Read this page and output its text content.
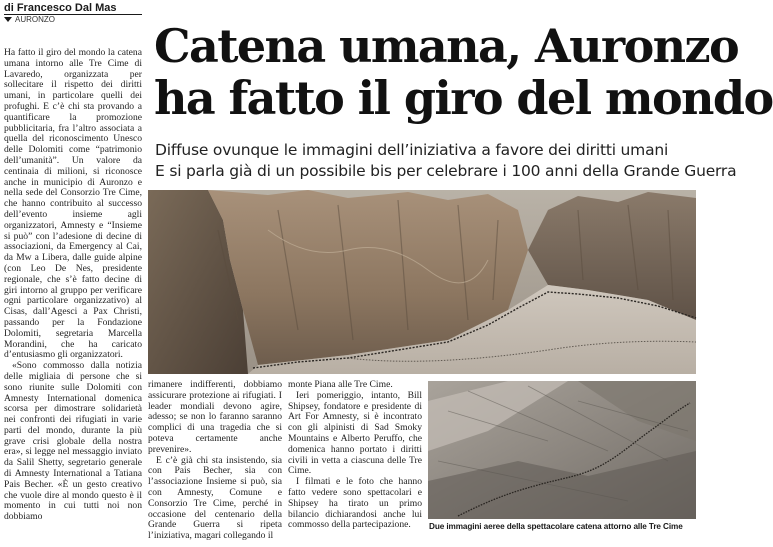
di Francesco Dal Mas
AURONZO

Ha fatto il giro del mondo la catena umana intorno alle Tre Cime di Lavaredo, organizzata per sollecitare il rispetto dei diritti umani, in particolare quelli dei profughi. E c’è chi sta provando a quantificare la promozione pubblicitaria, fra l’altro associata a quella del riconoscimento Unesco delle Dolomiti come “patrimonio dell’umanità”. Un valore da centinaia di milioni, si riconosce anche in municipio di Auronzo e nella sede del Consorzio Tre Cime, che hanno contribuito al successo dell’evento insieme agli organizzatori, Amnesty e “Insieme si può” con l’adesione di decine di associazioni, da Emergency al Cai, da Mw a Libera, dalle guide alpine (con Leo De Nes, presidente regionale, che s’è fatto decine di giri intorno al gruppo per verificare ogni particolare organizzativo) al Cisas, dall’Agesci a Pax Christi, passando per la Fondazione Dolomiti, segretaria Marcella Morandini, che ha caricato d’entusiasmo gli organizzatori.

«Sono commosso dalla notizia delle migliaia di persone che si sono riunite sulle Dolomiti con Amnesty International domenica scorsa per dimostrare solidarietà nei confronti dei rifugiati in varie parti del mondo, durante la più grave crisi globale della nostra era», si legge nel messaggio inviato da Salil Shetty, segretario generale di Amnesty International a Tatiana Pais Becher. «È un gesto creativo che vuole dire al mondo questo è il momento in cui tutti noi non dobbiamo

Catena umana, Auronzo
ha fatto il giro del mondo
Diffuse ovunque le immagini dell’iniziativa a favore dei diritti umani
E si parla già di un possibile bis per celebrare i 100 anni della Grande Guerra

rimanere indifferenti, dobbiamo assicurare protezione ai rifugiati. I leader mondiali devono agire, adesso; se non lo faranno saranno complici di una tragedia che si poteva certamente anche prevenire».

E c’è già chi sta insistendo, sia con Pais Becher, sia con l’associazione Insieme si può, sia con Amnesty, Comune e Consorzio Tre Cime, perché in occasione del centenario della Grande Guerra si ripeta l’iniziativa, magari collegando il

monte Piana alle Tre Cime.

Ieri pomeriggio, intanto, Bill Shipsey, fondatore e presidente di Art For Amnesty, si è incontrato con gli alpinisti di Sad Smoky Mountains e Alberto Peruffo, che domenica hanno portato i diritti civili in vetta a ciascuna delle Tre Cime.

I filmati e le foto che hanno fatto vedere sono spettacolari e Shipsey ha tirato un primo bilancio dichiarandosi anche lui commosso della partecipazione.	Due immagini aeree della spettacolare catena attorno alle Tre Cime
